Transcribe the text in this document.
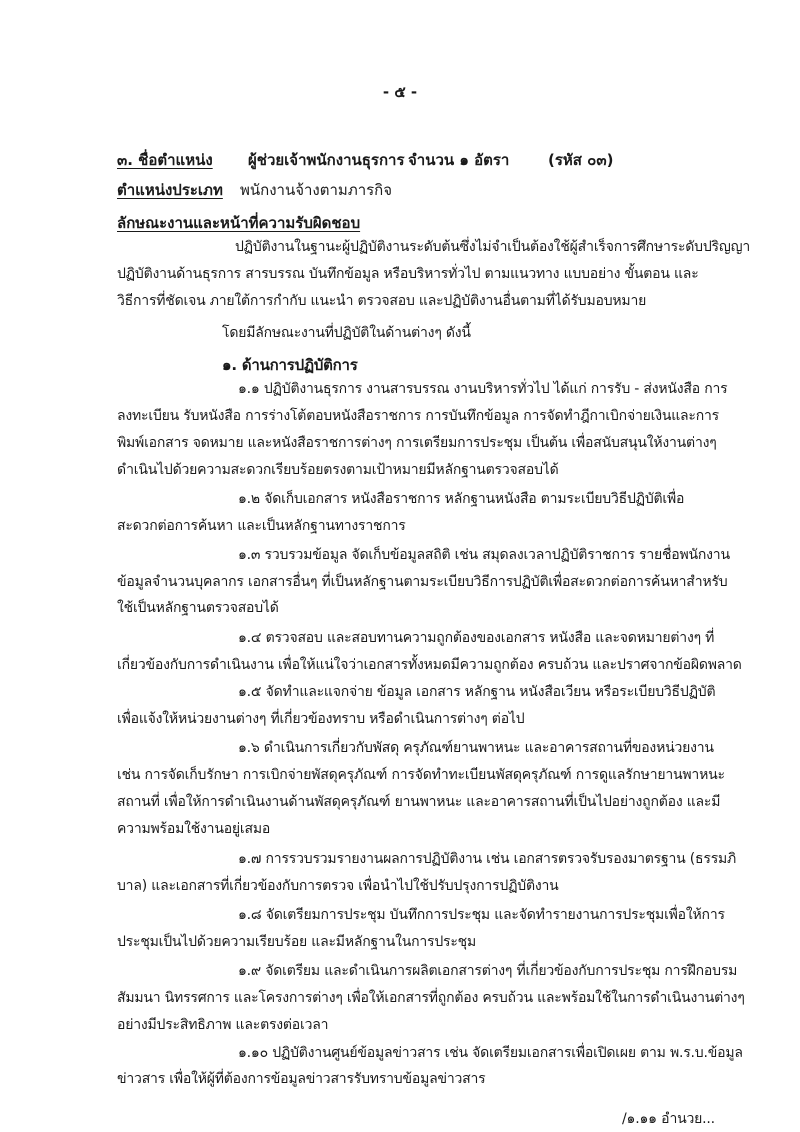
- ๕ -
๓. ชื่อตำแหน่ง ผู้ช่วยเจ้าพนักงานธุรการ จำนวน ๑ อัตรา	(รหัส ๐๓)
ตำแหน่งประเภท พนักงานจ้างตามภารกิจ
ลักษณะงานและหน้าที่ความรับผิดชอบ
ปฏิบัติงานในฐานะผู้ปฏิบัติงานระดับต้นซึ่งไม่จำเป็นต้องใช้ผู้สำเร็จการศึกษาระดับปริญญา
ปฏิบัติงานด้านธุรการ สารบรรณ บันทึกข้อมูล หรือบริหารทั่วไป ตามแนวทาง แบบอย่าง ขั้นตอน และ
วิธีการที่ชัดเจน ภายใต้การกำกับ แนะนำ ตรวจสอบ และปฏิบัติงานอื่นตามที่ได้รับมอบหมาย
โดยมีลักษณะงานที่ปฏิบัติในด้านต่างๆ ดังนี้
๑. ด้านการปฏิบัติการ
๑.๑ ปฏิบัติงานธุรการ งานสารบรรณ งานบริหารทั่วไป ได้แก่ การรับ - ส่งหนังสือ การ
ลงทะเบียน รับหนังสือ การร่างโต้ตอบหนังสือราชการ การบันทึกข้อมูล การจัดทำฎีกาเบิกจ่ายเงินและการ
พิมพ์เอกสาร จดหมาย และหนังสือราชการต่างๆ การเตรียมการประชุม เป็นต้น เพื่อสนับสนุนให้งานต่างๆ
ดำเนินไปด้วยความสะดวกเรียบร้อยตรงตามเป้าหมายมีหลักฐานตรวจสอบได้
๑.๒ จัดเก็บเอกสาร หนังสือราชการ หลักฐานหนังสือ ตามระเบียบวิธีปฏิบัติเพื่อ
สะดวกต่อการค้นหา และเป็นหลักฐานทางราชการ
๑.๓ รวบรวมข้อมูล จัดเก็บข้อมูลสถิติ เช่น สมุดลงเวลาปฏิบัติราชการ รายชื่อพนักงาน
ข้อมูลจำนวนบุคลากร เอกสารอื่นๆ ที่เป็นหลักฐานตามระเบียบวิธีการปฏิบัติเพื่อสะดวกต่อการค้นหาสำหรับ
ใช้เป็นหลักฐานตรวจสอบได้
๑.๔ ตรวจสอบ และสอบทานความถูกต้องของเอกสาร หนังสือ และจดหมายต่างๆ ที่
เกี่ยวข้องกับการดำเนินงาน เพื่อให้แน่ใจว่าเอกสารทั้งหมดมีความถูกต้อง ครบถ้วน และปราศจากข้อผิดพลาด
๑.๕ จัดทำและแจกจ่าย ข้อมูล เอกสาร หลักฐาน หนังสือเวียน หรือระเบียบวิธีปฏิบัติ
เพื่อแจ้งให้หน่วยงานต่างๆ ที่เกี่ยวข้องทราบ หรือดำเนินการต่างๆ ต่อไป
๑.๖ ดำเนินการเกี่ยวกับพัสดุ ครุภัณฑ์ยานพาหนะ และอาคารสถานที่ของหน่วยงาน
เช่น การจัดเก็บรักษา การเบิกจ่ายพัสดุครุภัณฑ์ การจัดทำทะเบียนพัสดุครุภัณฑ์ การดูแลรักษายานพาหนะ
สถานที่ เพื่อให้การดำเนินงานด้านพัสดุครุภัณฑ์ ยานพาหนะ และอาคารสถานที่เป็นไปอย่างถูกต้อง และมี
ความพร้อมใช้งานอยู่เสมอ
๑.๗ การรวบรวมรายงานผลการปฏิบัติงาน เช่น เอกสารตรวจรับรองมาตรฐาน (ธรรมภิ
บาล) และเอกสารที่เกี่ยวข้องกับการตรวจ เพื่อนำไปใช้ปรับปรุงการปฏิบัติงาน
๑.๘ จัดเตรียมการประชุม บันทึกการประชุม และจัดทำรายงานการประชุมเพื่อให้การ
ประชุมเป็นไปด้วยความเรียบร้อย และมีหลักฐานในการประชุม
๑.๙ จัดเตรียม และดำเนินการผลิตเอกสารต่างๆ ที่เกี่ยวข้องกับการประชุม การฝึกอบรม
สัมมนา นิทรรศการ และโครงการต่างๆ เพื่อให้เอกสารที่ถูกต้อง ครบถ้วน และพร้อมใช้ในการดำเนินงานต่างๆ
อย่างมีประสิทธิภาพ และตรงต่อเวลา
๑.๑๐ ปฏิบัติงานศูนย์ข้อมูลข่าวสาร เช่น จัดเตรียมเอกสารเพื่อเปิดเผย ตาม พ.ร.บ.ข้อมูล
ข่าวสาร เพื่อให้ผู้ที่ต้องการข้อมูลข่าวสารรับทราบข้อมูลข่าวสาร
/๑.๑๑ อำนวย...
